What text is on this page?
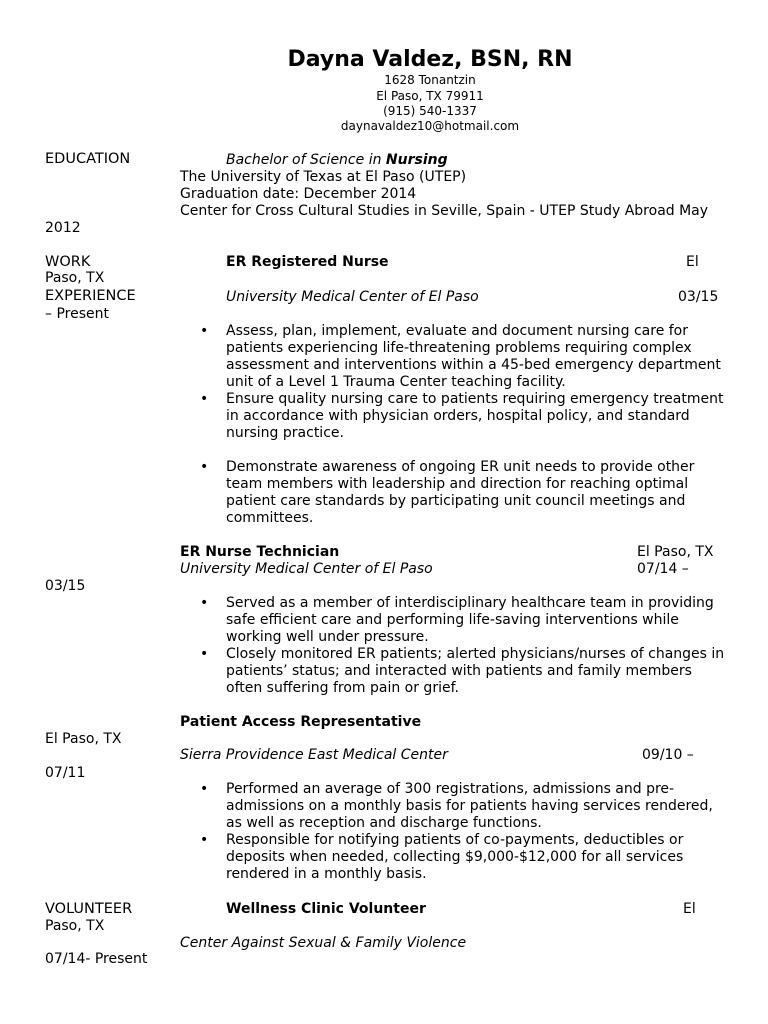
Dayna Valdez, BSN, RN
1628 Tonantzin
El Paso, TX 79911
(915) 540-1337
daynavaldez10@hotmail.com
EDUCATION	Bachelor of Science in Nursing
The University of Texas at El Paso (UTEP)
Graduation date: December 2014
Center for Cross Cultural Studies in Seville, Spain - UTEP Study Abroad May
2012
WORK
EXPERIENCE
ER Registered Nurse	El
Paso, TX
University Medical Center of El Paso	03/15
– Present
• Assess, plan, implement, evaluate and document nursing care for patients experiencing life-threatening problems requiring complex assessment and interventions within a 45-bed emergency department unit of a Level 1 Trauma Center teaching facility.
• Ensure quality nursing care to patients requiring emergency treatment in accordance with physician orders, hospital policy, and standard nursing practice.
• Demonstrate awareness of ongoing ER unit needs to provide other team members with leadership and direction for reaching optimal patient care standards by participating unit council meetings and committees.
ER Nurse Technician	El Paso, TX
University Medical Center of El Paso	07/14 –
03/15
• Served as a member of interdisciplinary healthcare team in providing safe efficient care and performing life-saving interventions while working well under pressure.
• Closely monitored ER patients; alerted physicians/nurses of changes in patients’ status; and interacted with patients and family members often suffering from pain or grief.
Patient Access Representative
El Paso, TX
Sierra Providence East Medical Center	09/10 –
07/11
• Performed an average of 300 registrations, admissions and pre-admissions on a monthly basis for patients having services rendered, as well as reception and discharge functions.
• Responsible for notifying patients of co-payments, deductibles or deposits when needed, collecting $9,000-$12,000 for all services rendered in a monthly basis.
VOLUNTEER	Wellness Clinic Volunteer	El
Paso, TX
Center Against Sexual & Family Violence
07/14- Present
